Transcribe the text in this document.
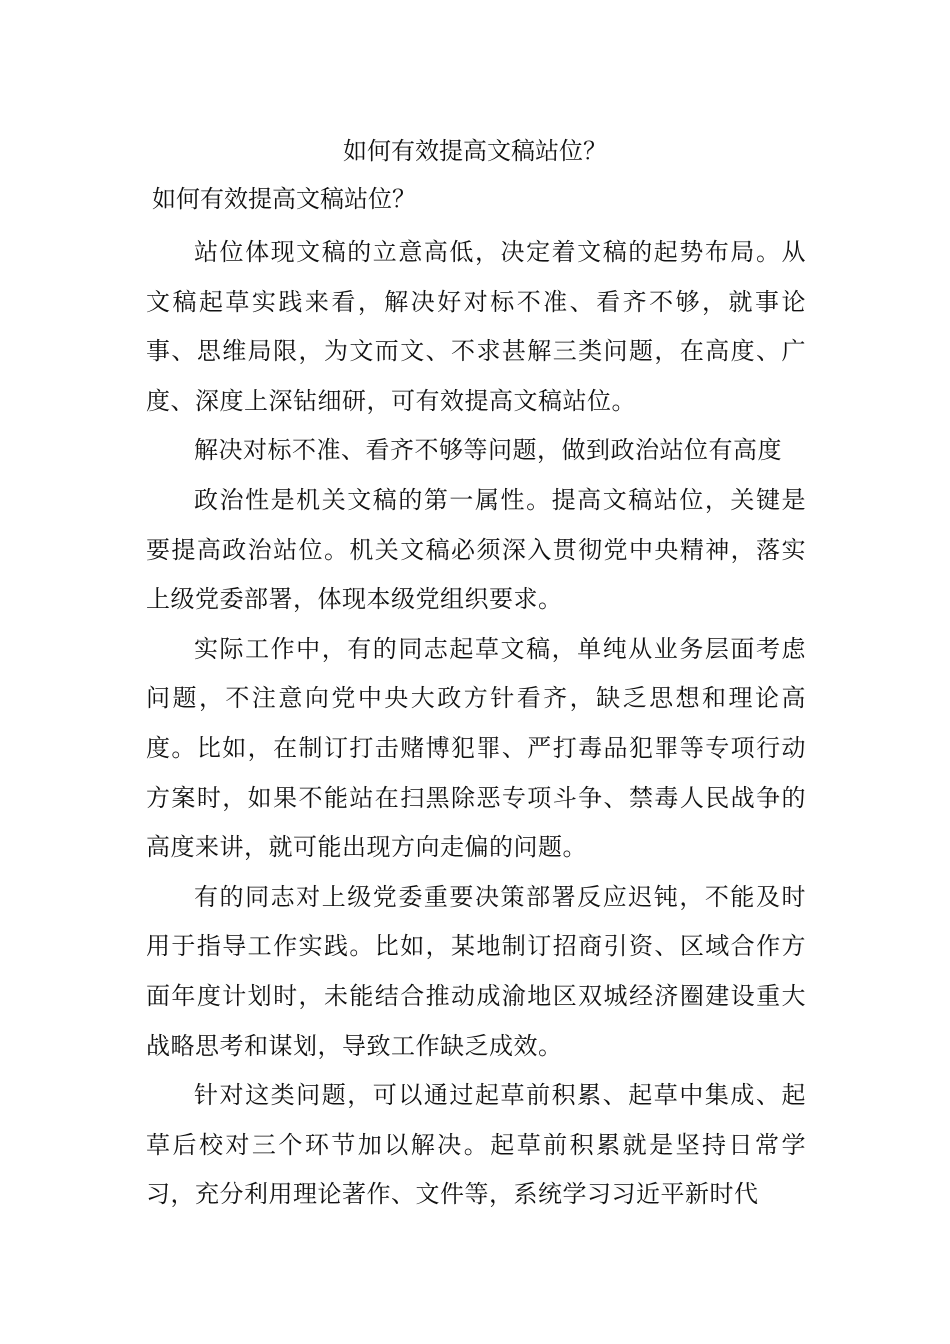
如何有效提高文稿站位？
如何有效提高文稿站位？

站位体现文稿的立意高低，决定着文稿的起势布局。从文稿起草实践来看，解决好对标不准、看齐不够，就事论事、思维局限，为文而文、不求甚解三类问题，在高度、广度、深度上深钻细研，可有效提高文稿站位。

解决对标不准、看齐不够等问题，做到政治站位有高度

政治性是机关文稿的第一属性。提高文稿站位，关键是要提高政治站位。机关文稿必须深入贯彻党中央精神，落实上级党委部署，体现本级党组织要求。

实际工作中，有的同志起草文稿，单纯从业务层面考虑问题，不注意向党中央大政方针看齐，缺乏思想和理论高度。比如，在制订打击赌博犯罪、严打毒品犯罪等专项行动方案时，如果不能站在扫黑除恶专项斗争、禁毒人民战争的高度来讲，就可能出现方向走偏的问题。

有的同志对上级党委重要决策部署反应迟钝，不能及时用于指导工作实践。比如，某地制订招商引资、区域合作方面年度计划时，未能结合推动成渝地区双城经济圈建设重大战略思考和谋划，导致工作缺乏成效。

针对这类问题，可以通过起草前积累、起草中集成、起草后校对三个环节加以解决。起草前积累就是坚持日常学习，充分利用理论著作、文件等，系统学习习近平新时代
